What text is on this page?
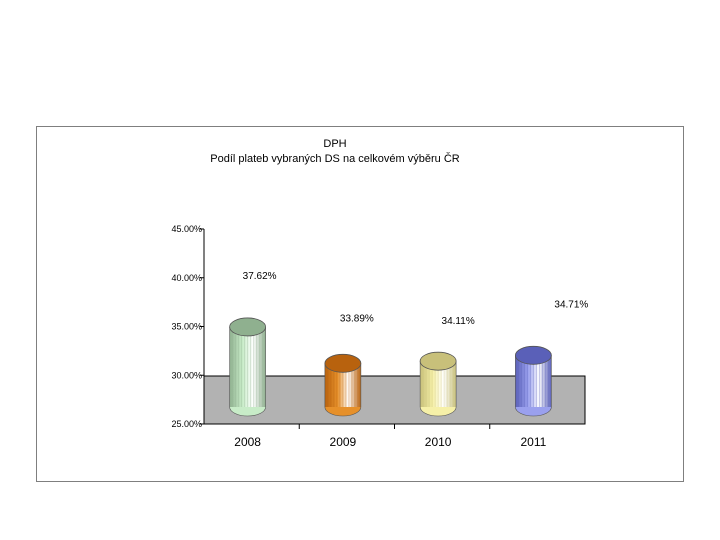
DPH
Podíl plateb vybraných DS na celkovém výběru ČR
25.00%
30.00%
35.00%
40.00%
45.00%
37.62%
2008
33.89%
2009
34.11%
2010
34.71%
2011
